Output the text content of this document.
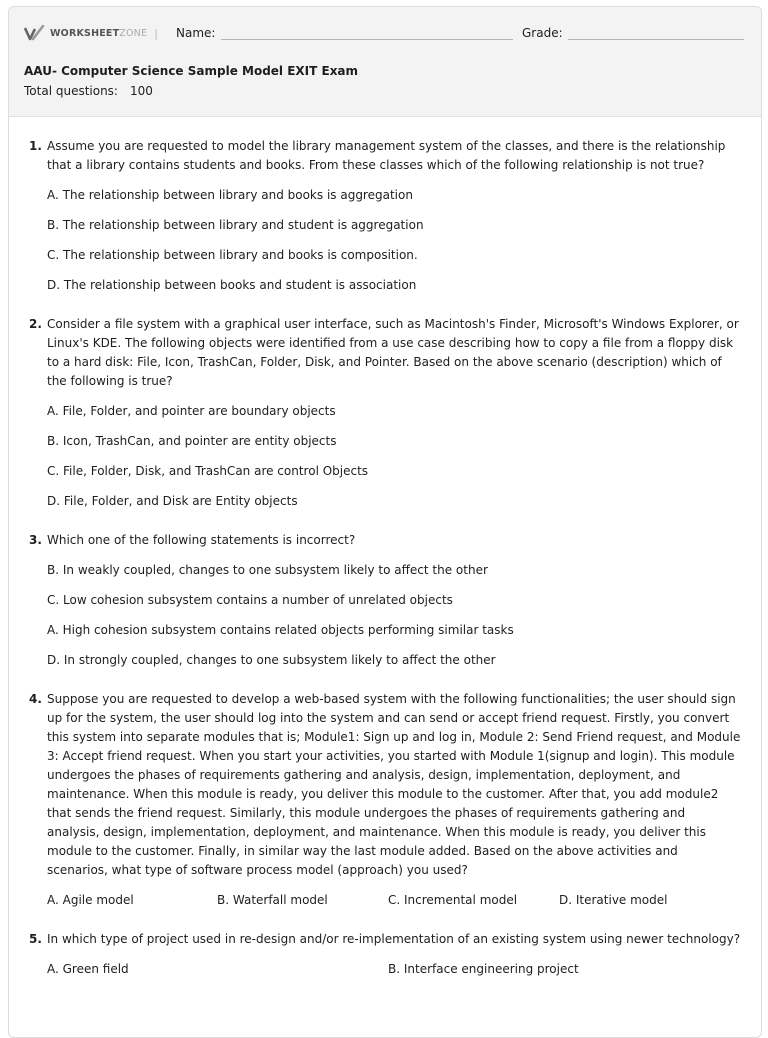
WORKSHEETZONE | Name:	Grade:
AAU- Computer Science Sample Model EXIT Exam
Total questions: 100
1. Assume you are requested to model the library management system of the classes, and there is the relationship that a library contains students and books. From these classes which of the following relationship is not true?
A. The relationship between library and books is aggregation
B. The relationship between library and student is aggregation
C. The relationship between library and books is composition.
D. The relationship between books and student is association
2. Consider a file system with a graphical user interface, such as Macintosh's Finder, Microsoft's Windows Explorer, or Linux's KDE. The following objects were identified from a use case describing how to copy a file from a floppy disk to a hard disk: File, Icon, TrashCan, Folder, Disk, and Pointer. Based on the above scenario (description) which of the following is true?
A. File, Folder, and pointer are boundary objects
B. Icon, TrashCan, and pointer are entity objects
C. File, Folder, Disk, and TrashCan are control Objects
D. File, Folder, and Disk are Entity objects
3. Which one of the following statements is incorrect?
B. In weakly coupled, changes to one subsystem likely to affect the other
C. Low cohesion subsystem contains a number of unrelated objects
A. High cohesion subsystem contains related objects performing similar tasks
D. In strongly coupled, changes to one subsystem likely to affect the other
4. Suppose you are requested to develop a web-based system with the following functionalities; the user should sign up for the system, the user should log into the system and can send or accept friend request. Firstly, you convert this system into separate modules that is; Module1: Sign up and log in, Module 2: Send Friend request, and Module 3: Accept friend request. When you start your activities, you started with Module 1(signup and login). This module undergoes the phases of requirements gathering and analysis, design, implementation, deployment, and maintenance. When this module is ready, you deliver this module to the customer. After that, you add module2 that sends the friend request. Similarly, this module undergoes the phases of requirements gathering and analysis, design, implementation, deployment, and maintenance. When this module is ready, you deliver this module to the customer. Finally, in similar way the last module added. Based on the above activities and scenarios, what type of software process model (approach) you used?
A. Agile model	B. Waterfall model	C. Incremental model	D. Iterative model
5. In which type of project used in re-design and/or re-implementation of an existing system using newer technology?
A. Green field	B. Interface engineering project
